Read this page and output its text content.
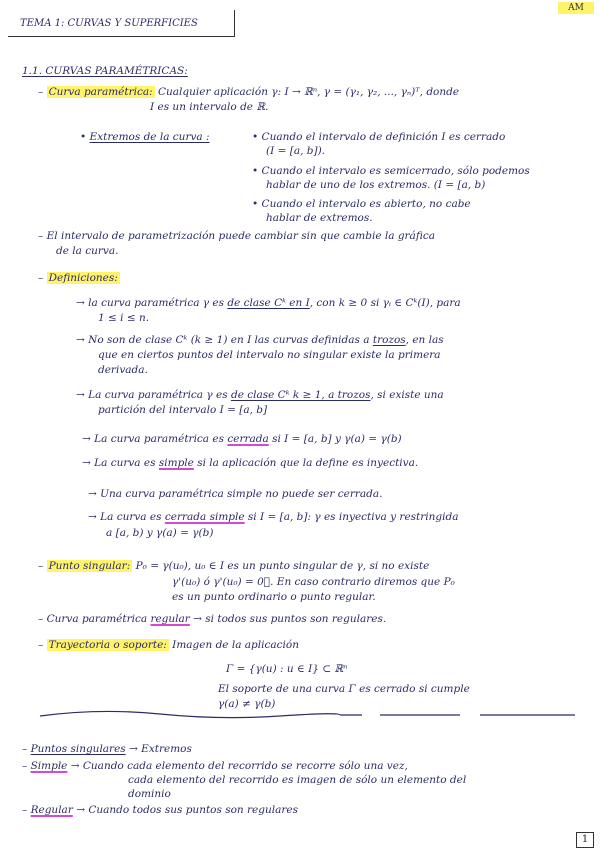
TEMA 1: CURVAS Y SUPERFICIES
AM
1.1. CURVAS PARAMÉTRICAS:
– Curva paramétrica: Cualquier aplicación γ: I → ℝⁿ, γ = (γ₁, γ₂, ..., γₙ)ᵀ, donde
I es un intervalo de ℝ.
• Extremos de la curva :	• Cuando el intervalo de definición I es cerrado
(I = [a, b]).
• Cuando el intervalo es semicerrado, sólo podemos
hablar de uno de los extremos. (I = [a, b)
• Cuando el intervalo es abierto, no cabe
hablar de extremos.
– El intervalo de parametrización puede cambiar sin que cambie la gráfica
de la curva.
– Definiciones:
→ la curva paramétrica γ es de clase Cᵏ en I, con k ≥ 0 si γᵢ ∈ Cᵏ(I), para
1 ≤ i ≤ n.
→ No son de clase Cᵏ (k ≥ 1) en I las curvas definidas a trozos, en las
que en ciertos puntos del intervalo no singular existe la primera
derivada.
→ La curva paramétrica γ es de clase Cᵏ k ≥ 1, a trozos, si existe una
partición del intervalo I = [a, b]
→ La curva paramétrica es cerrada si I = [a, b] y γ(a) = γ(b)
→ La curva es simple si la aplicación que la define es inyectiva.
→ Una curva paramétrica simple no puede ser cerrada.
→ La curva es cerrada simple si I = [a, b]: γ es inyectiva y restringida
a [a, b) y γ(a) = γ(b)
– Punto singular: P₀ = γ(u₀), u₀ ∈ I es un punto singular de γ, si no existe
γ'(u₀) ó γ'(u₀) = 0⃗. En caso contrario diremos que P₀
es un punto ordinario o punto regular.
– Curva paramétrica regular → si todos sus puntos son regulares.
– Trayectoria o soporte: Imagen de la aplicación
Γ = {γ(u) : u ∈ I} ⊂ ℝⁿ
El soporte de una curva Γ es cerrado si cumple
γ(a) ≠ γ(b)
– Puntos singulares → Extremos
– Simple → Cuando cada elemento del recorrido se recorre sólo una vez,
cada elemento del recorrido es imagen de sólo un elemento del
dominio
– Regular → Cuando todos sus puntos son regulares
1
